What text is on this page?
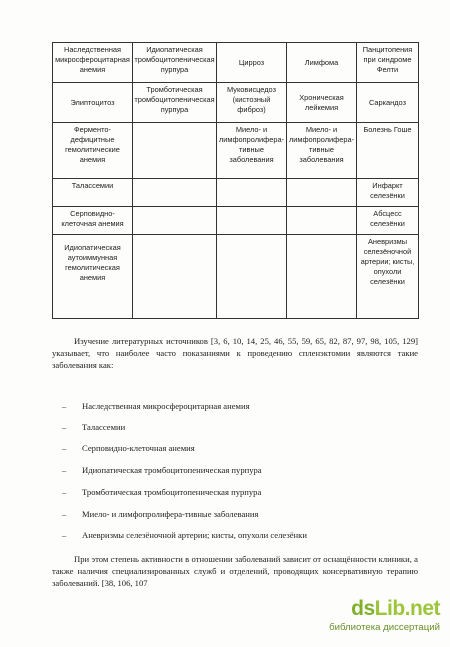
Наследственная микросфероцитарная анемия	Идиопатическая тромбоцитопеническая пурпура	Цирроз	Лимфома	Панцитопения при синдроме Фелти
Элиптоцитоз	Тромботическая тромбоцитопеническая пурпура	Муковисцедоз (кистозный фиброз)	Хроническая лейкемия	Саркандоз
Ферменто-дефицитные гемолитические анемия		Миело- и лимфопролифера-тивные заболевания	Миело- и лимфопролифера-тивные заболевания	Болезнь Гоше
Талассемии				Инфаркт селезёнки
Серповидно-клеточная анемия				Абсцесс селезёнки
Идиопатическая аутоиммунная гемолитическая анемия				Аневризмы селезёночной артерии; кисты, опухоли селезёнки
Изучение литературных источников [3, 6, 10, 14, 25, 46, 55, 59, 65, 82, 87, 97, 98, 105, 129] указывает, что наиболее часто показаниями к проведению спленэктомии являются такие заболевания как:
– Наследственная микросфероцитарная анемия
– Талассемии
– Серповидно-клеточная анемия
– Идиопатическая тромбоцитопеническая пурпура
– Тромботическая тромбоцитопеническая пурпура
– Миело- и лимфопролифера-тивные заболевания
– Аневризмы селезёночной артерии; кисты, опухоли селезёнки
При этом степень активности в отношении заболеваний зависит от оснащённости клиники, а также наличия специализированных служб и отделений, проводящих консервативную терапию заболеваний. [38, 106, 107
dsLib.net
библиотека диссертаций
